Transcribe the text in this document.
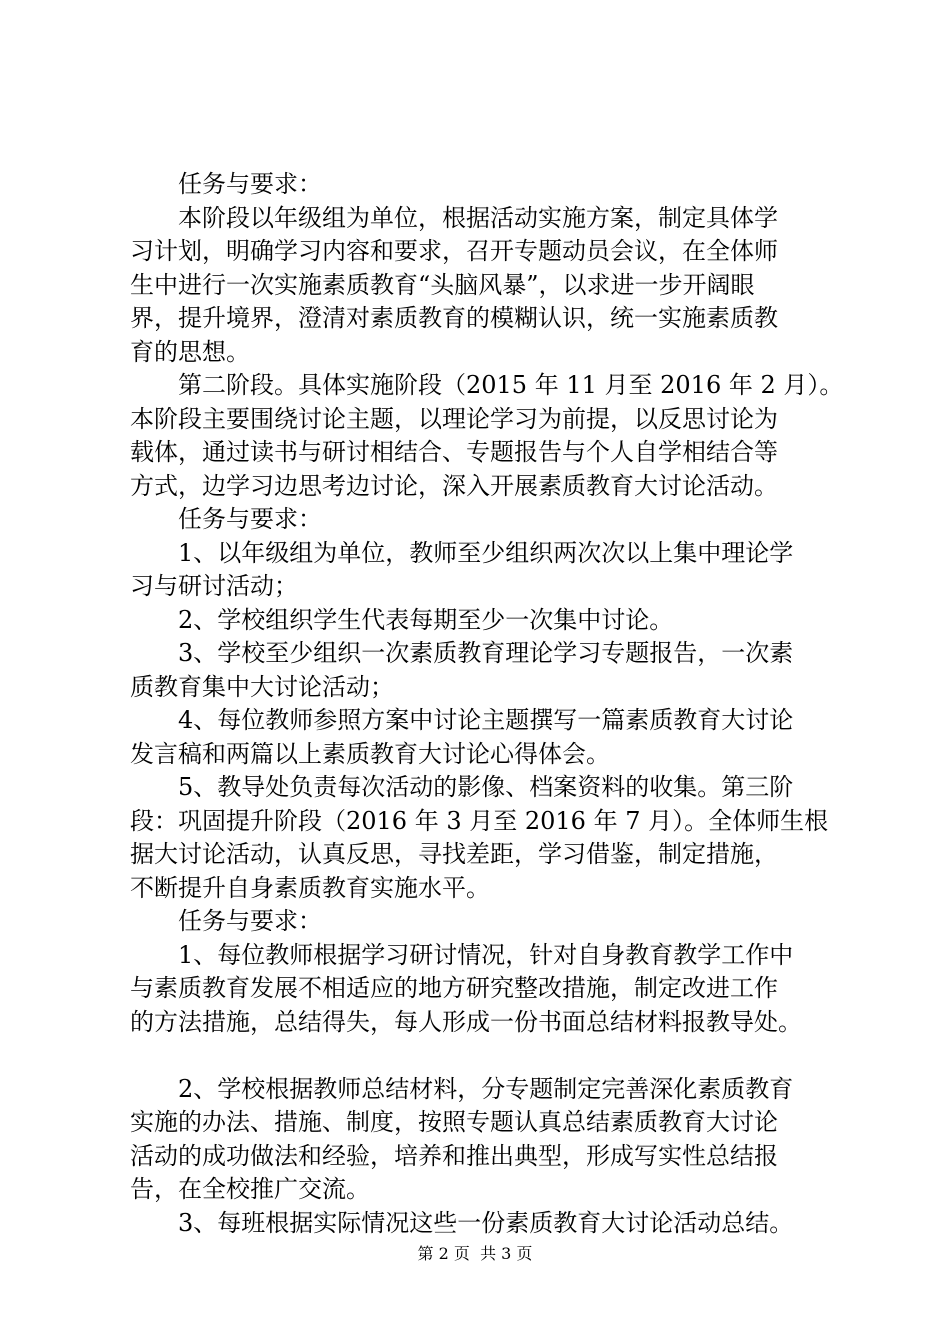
任务与要求：
本阶段以年级组为单位，根据活动实施方案，制定具体学
习计划，明确学习内容和要求，召开专题动员会议，在全体师
生中进行一次实施素质教育“头脑风暴”，以求进一步开阔眼
界，提升境界，澄清对素质教育的模糊认识，统一实施素质教
育的思想。
第二阶段。具体实施阶段（2015 年 11 月至 2016 年 2 月）。
本阶段主要围绕讨论主题，以理论学习为前提，以反思讨论为
载体，通过读书与研讨相结合、专题报告与个人自学相结合等
方式，边学习边思考边讨论，深入开展素质教育大讨论活动。
任务与要求：
1、以年级组为单位，教师至少组织两次次以上集中理论学
习与研讨活动；
2、学校组织学生代表每期至少一次集中讨论。
3、学校至少组织一次素质教育理论学习专题报告，一次素
质教育集中大讨论活动；
4、每位教师参照方案中讨论主题撰写一篇素质教育大讨论
发言稿和两篇以上素质教育大讨论心得体会。
5、教导处负责每次活动的影像、档案资料的收集。第三阶
段：巩固提升阶段（2016 年 3 月至 2016 年 7 月）。全体师生根
据大讨论活动，认真反思，寻找差距，学习借鉴，制定措施，
不断提升自身素质教育实施水平。
任务与要求：
1、每位教师根据学习研讨情况，针对自身教育教学工作中
与素质教育发展不相适应的地方研究整改措施，制定改进工作
的方法措施，总结得失，每人形成一份书面总结材料报教导处。
2、学校根据教师总结材料，分专题制定完善深化素质教育
实施的办法、措施、制度，按照专题认真总结素质教育大讨论
活动的成功做法和经验，培养和推出典型，形成写实性总结报
告，在全校推广交流。
3、每班根据实际情况这些一份素质教育大讨论活动总结。
第 2 页  共 3 页
